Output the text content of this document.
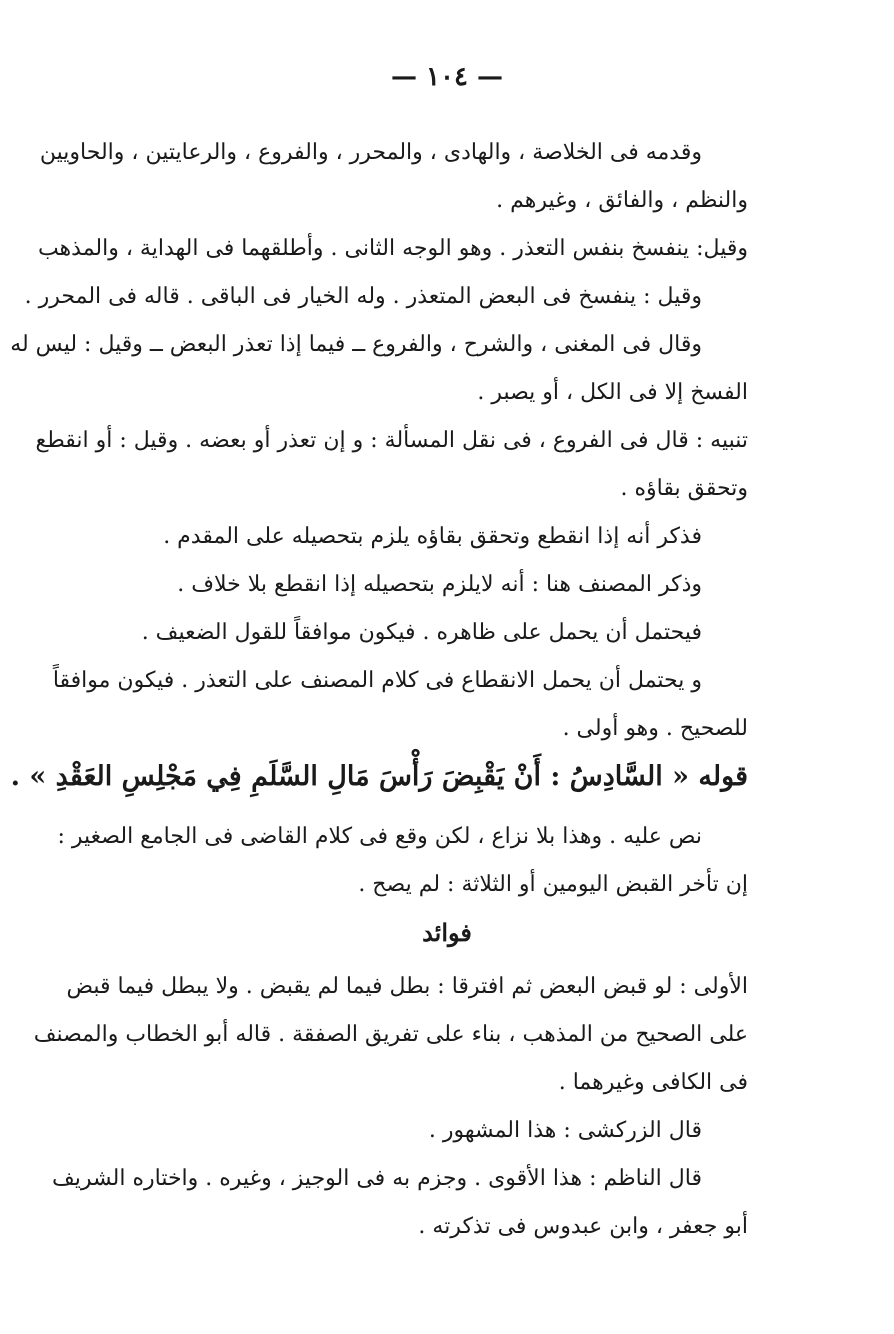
— ١٠٤ —
وقدمه فى الخلاصة ، والهادى ، والمحرر ، والفروع ، والرعايتين ، والحاويين
والنظم ، والفائق ، وغيرهم .
وقيل: ينفسخ بنفس التعذر . وهو الوجه الثانى . وأطلقهما فى الهداية ، والمذهب
وقيل : ينفسخ فى البعض المتعذر . وله الخيار فى الباقى . قاله فى المحرر .
وقال فى المغنى ، والشرح ، والفروع ــ فيما إذا تعذر البعض ــ وقيل : ليس له
الفسخ إلا فى الكل ، أو يصبر .
تنبيه : قال فى الفروع ، فى نقل المسألة : و إن تعذر أو بعضه . وقيل : أو انقطع
وتحقق بقاؤه .
فذكر أنه إذا انقطع وتحقق بقاؤه يلزم بتحصيله على المقدم .
وذكر المصنف هنا : أنه لايلزم بتحصيله إذا انقطع بلا خلاف .
فيحتمل أن يحمل على ظاهره . فيكون موافقاً للقول الضعيف .
و يحتمل أن يحمل الانقطاع فى كلام المصنف على التعذر . فيكون موافقاً
للصحيح . وهو أولى .
قوله « السَّادِسُ : أَنْ يَقْبِضَ رَأْسَ مَالِ السَّلَمِ فِي مَجْلِسِ العَقْدِ » .
نص عليه . وهذا بلا نزاع ، لكن وقع فى كلام القاضى فى الجامع الصغير :
إن تأخر القبض اليومين أو الثلاثة : لم يصح .
فوائد
الأولى : لو قبض البعض ثم افترقا : بطل فيما لم يقبض . ولا يبطل فيما قبض
على الصحيح من المذهب ، بناء على تفريق الصفقة . قاله أبو الخطاب والمصنف
فى الكافى وغيرهما .
قال الزركشى : هذا المشهور .
قال الناظم : هذا الأقوى . وجزم به فى الوجيز ، وغيره . واختاره الشريف
أبو جعفر ، وابن عبدوس فى تذكرته .
